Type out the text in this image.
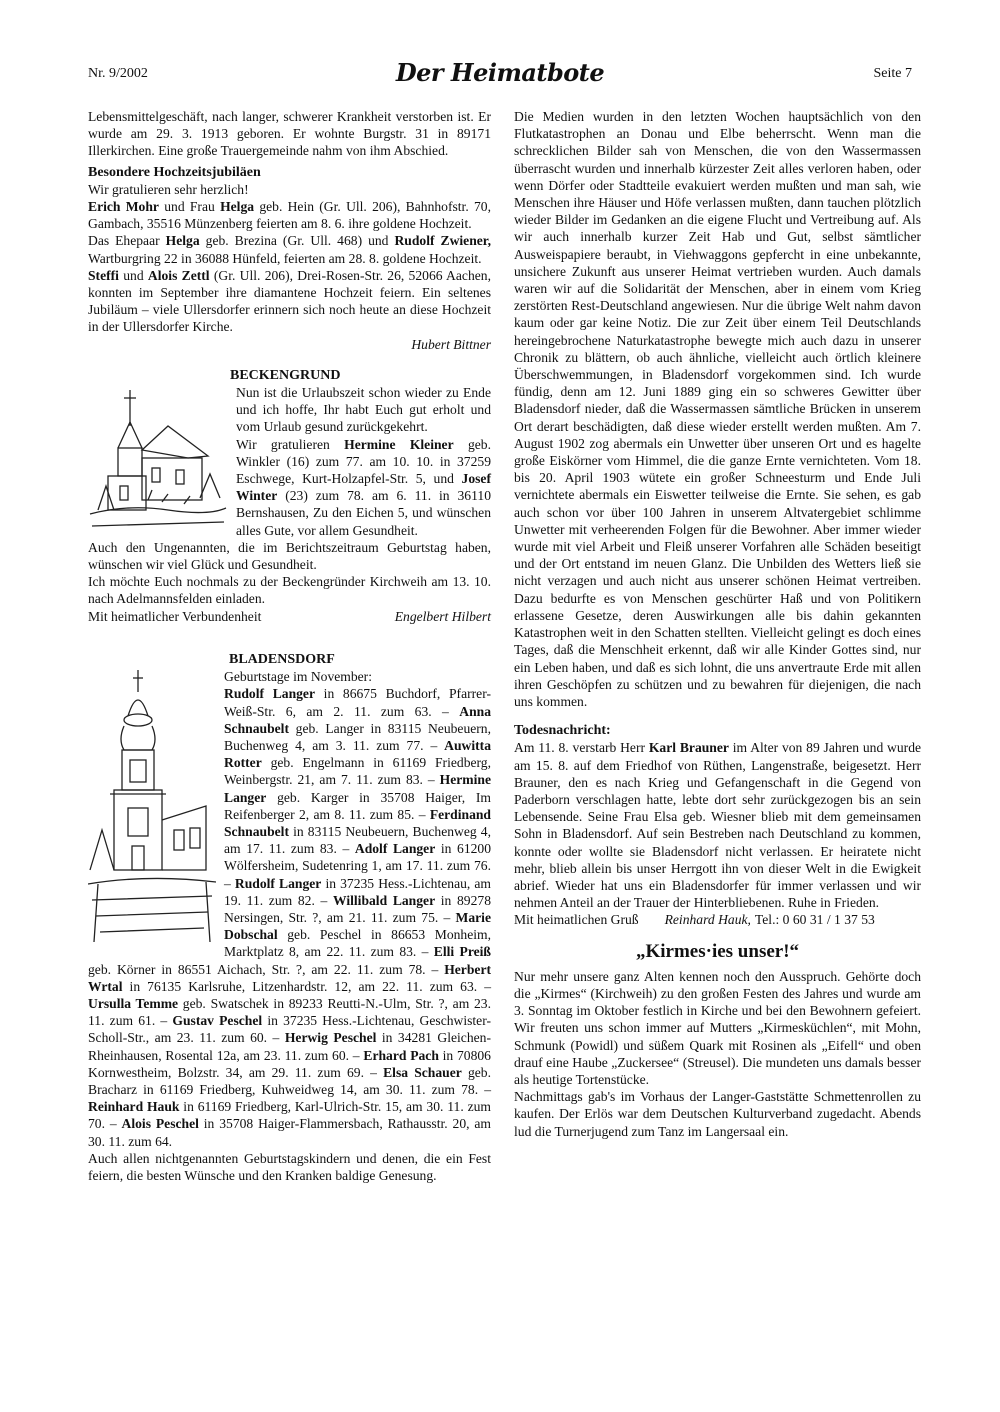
Nr. 9/2002	Der Heimatbote	Seite 7

Lebensmittelgeschäft, nach langer, schwerer Krankheit verstorben ist. Er wurde am 29. 3. 1913 geboren. Er wohnte Burgstr. 31 in 89171 Illerkirchen. Eine große Trauergemeinde nahm von ihm Abschied.

Besondere Hochzeitsjubiläen

Wir gratulieren sehr herzlich!

Erich Mohr und Frau Helga geb. Hein (Gr. Ull. 206), Bahnhofstr. 70, Gambach, 35516 Münzenberg feierten am 8. 6. ihre goldene Hochzeit.

Das Ehepaar Helga geb. Brezina (Gr. Ull. 468) und Rudolf Zwiener, Wartburgring 22 in 36088 Hünfeld, feierten am 28. 8. goldene Hochzeit.

Steffi und Alois Zettl (Gr. Ull. 206), Drei-Rosen-Str. 26, 52066 Aachen, konnten im September ihre diamantene Hochzeit feiern. Ein seltenes Jubiläum – viele Ullersdorfer erinnern sich noch heute an diese Hochzeit in der Ullersdorfer Kirche.

Hubert Bittner

BECKENGRUND

Nun ist die Urlaubszeit schon wieder zu Ende und ich hoffe, Ihr habt Euch gut erholt und vom Urlaub gesund zurückgekehrt.

Wir gratulieren Hermine Kleiner geb. Winkler (16) zum 77. am 10. 10. in 37259 Eschwege, Kurt-Holzapfel-Str. 5, und Josef Winter (23) zum 78. am 6. 11. in 36110 Bernshausen, Zu den Eichen 5, und wünschen alles Gute, vor allem Gesundheit.

Auch den Ungenannten, die im Berichtszeitraum Geburtstag haben, wünschen wir viel Glück und Gesundheit.

Ich möchte Euch nochmals zu der Beckengründer Kirchweih am 13. 10. nach Adelmannsfelden einladen.

Mit heimatlicher Verbundenheit	Engelbert Hilbert
BLADENSDORF

Geburtstage im November:
Rudolf Langer in 86675 Buchdorf, Pfarrer-Weiß-Str. 6, am 2. 11. zum 63. – Anna Schnaubelt geb. Langer in 83115 Neubeuern, Buchenweg 4, am 3. 11. zum 77. – Auwitta Rotter geb. Engelmann in 61169 Friedberg, Weinbergstr. 21, am 7. 11. zum 83. – Hermine Langer geb. Karger in 35708 Haiger, Im Reifenberger 2, am 8. 11. zum 85. – Ferdinand Schnaubelt in 83115 Neubeuern, Buchenweg 4, am 17. 11. zum 83. – Adolf Langer in 61200 Wölfersheim, Sudetenring 1, am 17. 11. zum 76. – Rudolf Langer in 37235 Hess.-Lichtenau, am 19. 11. zum 82. – Willibald Langer in 89278 Nersingen, Str. ?, am 21. 11. zum 75. – Marie Dobschal geb. Peschel in 86653 Monheim, Marktplatz 8, am 22. 11. zum 83. – Elli Preiß geb. Körner in 86551 Aichach, Str. ?, am 22. 11. zum 78. – Herbert Wrtal in 76135 Karlsruhe, Litzenhardstr. 12, am 22. 11. zum 63. – Ursulla Temme geb. Swatschek in 89233 Reutti-N.-Ulm, Str. ?, am 23. 11. zum 61. – Gustav Peschel in 37235 Hess.-Lichtenau, Geschwister-Scholl-Str., am 23. 11. zum 60. – Herwig Peschel in 34281 Gleichen-Rheinhausen, Rosental 12a, am 23. 11. zum 60. – Erhard Pach in 70806 Kornwestheim, Bolzstr. 34, am 29. 11. zum 69. – Elsa Schauer geb. Bracharz in 61169 Friedberg, Kuhweidweg 14, am 30. 11. zum 78. – Reinhard Hauk in 61169 Friedberg, Karl-Ulrich-Str. 15, am 30. 11. zum 70. – Alois Peschel in 35708 Haiger-Flammersbach, Rathausstr. 20, am 30. 11. zum 64.

Auch allen nichtgenannten Geburtstagskindern und denen, die ein Fest feiern, die besten Wünsche und den Kranken baldige Genesung.

Die Medien wurden in den letzten Wochen hauptsächlich von den Flutkatastrophen an Donau und Elbe beherrscht. Wenn man die schrecklichen Bilder sah von Menschen, die von den Wassermassen überrascht wurden und innerhalb kürzester Zeit alles verloren haben, oder wenn Dörfer oder Stadtteile evakuiert werden mußten und man sah, wie Menschen ihre Häuser und Höfe verlassen mußten, dann tauchen plötzlich wieder Bilder im Gedanken an die eigene Flucht und Vertreibung auf. Als wir auch innerhalb kurzer Zeit Hab und Gut, selbst sämtlicher Ausweispapiere beraubt, in Viehwaggons gepfercht in eine unbekannte, unsichere Zukunft aus unserer Heimat vertrieben wurden. Auch damals waren wir auf die Solidarität der Menschen, aber in einem vom Krieg zerstörten Rest-Deutschland angewiesen. Nur die übrige Welt nahm davon kaum oder gar keine Notiz. Die zur Zeit über einem Teil Deutschlands hereingebrochene Naturkatastrophe bewegte mich auch dazu in unserer Chronik zu blättern, ob auch ähnliche, vielleicht auch örtlich kleinere Überschwemmungen, in Bladensdorf vorgekommen sind. Ich wurde fündig, denn am 12. Juni 1889 ging ein so schweres Gewitter über Bladensdorf nieder, daß die Wassermassen sämtliche Brücken in unserem Ort derart beschädigten, daß diese wieder erstellt werden mußten. Am 7. August 1902 zog abermals ein Unwetter über unseren Ort und es hagelte große Eiskörner vom Himmel, die die ganze Ernte vernichteten. Vom 18. bis 20. April 1903 wütete ein großer Schneesturm und Ende Juli vernichtete abermals ein Eiswetter teilweise die Ernte. Sie sehen, es gab auch schon vor über 100 Jahren in unserem Altvatergebiet schlimme Unwetter mit verheerenden Folgen für die Bewohner. Aber immer wieder wurde mit viel Arbeit und Fleiß unserer Vorfahren alle Schäden beseitigt und der Ort entstand im neuen Glanz. Die Unbilden des Wetters ließ sie nicht verzagen und auch nicht aus unserer schönen Heimat vertreiben. Dazu bedurfte es von Menschen geschürter Haß und von Politikern erlassene Gesetze, deren Auswirkungen alle bis dahin gekannten Katastrophen weit in den Schatten stellten. Vielleicht gelingt es doch eines Tages, daß die Menschheit erkennt, daß wir alle Kinder Gottes sind, nur ein Leben haben, und daß es sich lohnt, die uns anvertraute Erde mit allen ihren Geschöpfen zu schützen und zu bewahren für diejenigen, die nach uns kommen.

Todesnachricht:

Am 11. 8. verstarb Herr Karl Brauner im Alter von 89 Jahren und wurde am 15. 8. auf dem Friedhof von Rüthen, Langenstraße, beigesetzt. Herr Brauner, den es nach Krieg und Gefangenschaft in die Gegend von Paderborn verschlagen hatte, lebte dort sehr zurückgezogen bis an sein Lebensende. Seine Frau Elsa geb. Wiesner blieb mit dem gemeinsamen Sohn in Bladensdorf. Auf sein Bestreben nach Deutschland zu kommen, konnte oder wollte sie Bladensdorf nicht verlassen. Er heiratete nicht mehr, blieb allein bis unser Herrgott ihn von dieser Welt in die Ewigkeit abrief. Wieder hat uns ein Bladensdorfer für immer verlassen und wir nehmen Anteil an der Trauer der Hinterbliebenen. Ruhe in Frieden.

Mit heimatlichen Gruß Reinhard Hauk, Tel.: 0 60 31 / 1 37 53
„Kirmes·ies unser!“

Nur mehr unsere ganz Alten kennen noch den Ausspruch. Gehörte doch die „Kirmes“ (Kirchweih) zu den großen Festen des Jahres und wurde am 3. Sonntag im Oktober festlich in Kirche und bei den Bewohnern gefeiert. Wir freuten uns schon immer auf Mutters „Kirmesküchlen“, mit Mohn, Schmunk (Powidl) und süßem Quark mit Rosinen als „Eifell“ und oben drauf eine Haube „Zuckersee“ (Streusel). Die mundeten uns damals besser als heutige Tortenstücke.

Nachmittags gab's im Vorhaus der Langer-Gaststätte Schmettenrollen zu kaufen. Der Erlös war dem Deutschen Kulturverband zugedacht. Abends lud die Turnerjugend zum Tanz im Langersaal ein.
